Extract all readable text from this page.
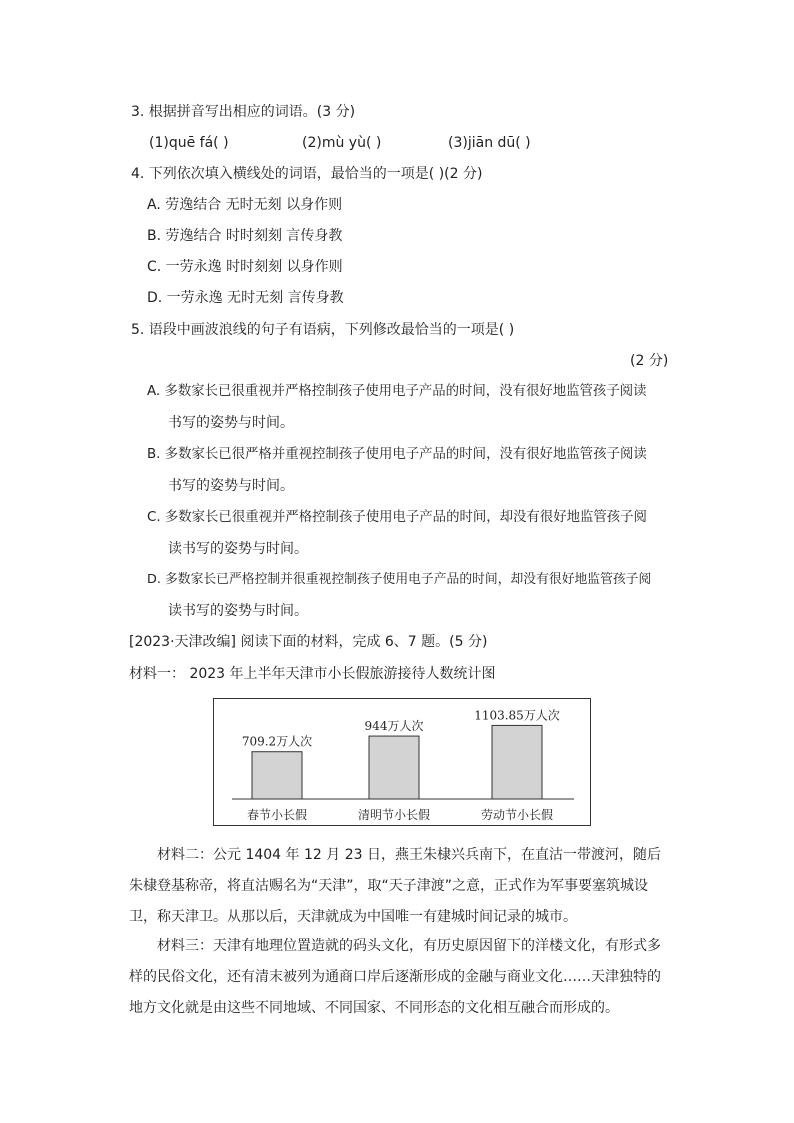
3. 根据拼音写出相应的词语。(3 分)
(1)quē fá( )	(2)mù yù( )	(3)jiān dū( )
4. 下列依次填入横线处的词语，最恰当的一项是( )(2 分)
A. 劳逸结合 无时无刻 以身作则
B. 劳逸结合 时时刻刻 言传身教
C. 一劳永逸 时时刻刻 以身作则
D. 一劳永逸 无时无刻 言传身教
5. 语段中画波浪线的句子有语病，下列修改最恰当的一项是( )
(2 分)
A. 多数家长已很重视并严格控制孩子使用电子产品的时间，没有很好地监管孩子阅读
书写的姿势与时间。
B. 多数家长已很严格并重视控制孩子使用电子产品的时间，没有很好地监管孩子阅读
书写的姿势与时间。
C. 多数家长已很重视并严格控制孩子使用电子产品的时间，却没有很好地监管孩子阅
读书写的姿势与时间。
D. 多数家长已严格控制并很重视控制孩子使用电子产品的时间，却没有很好地监管孩子阅
读书写的姿势与时间。
[2023·天津改编] 阅读下面的材料，完成 6、7 题。(5 分)
材料一： 2023 年上半年天津市小长假旅游接待人数统计图
709.2万人次
春节小长假
944万人次
清明节小长假
1103.85万人次
劳动节小长假
材料二：公元 1404 年 12 月 23 日，燕王朱棣兴兵南下，在直沽一带渡河，随后朱棣登基称帝，将直沽赐名为“天津”，取“天子津渡”之意，正式作为军事要塞筑城设卫，称天津卫。从那以后，天津就成为中国唯一有建城时间记录的城市。
材料三：天津有地理位置造就的码头文化，有历史原因留下的洋楼文化，有形式多样的民俗文化，还有清末被列为通商口岸后逐渐形成的金融与商业文化……天津独特的地方文化就是由这些不同地域、不同国家、不同形态的文化相互融合而形成的。
